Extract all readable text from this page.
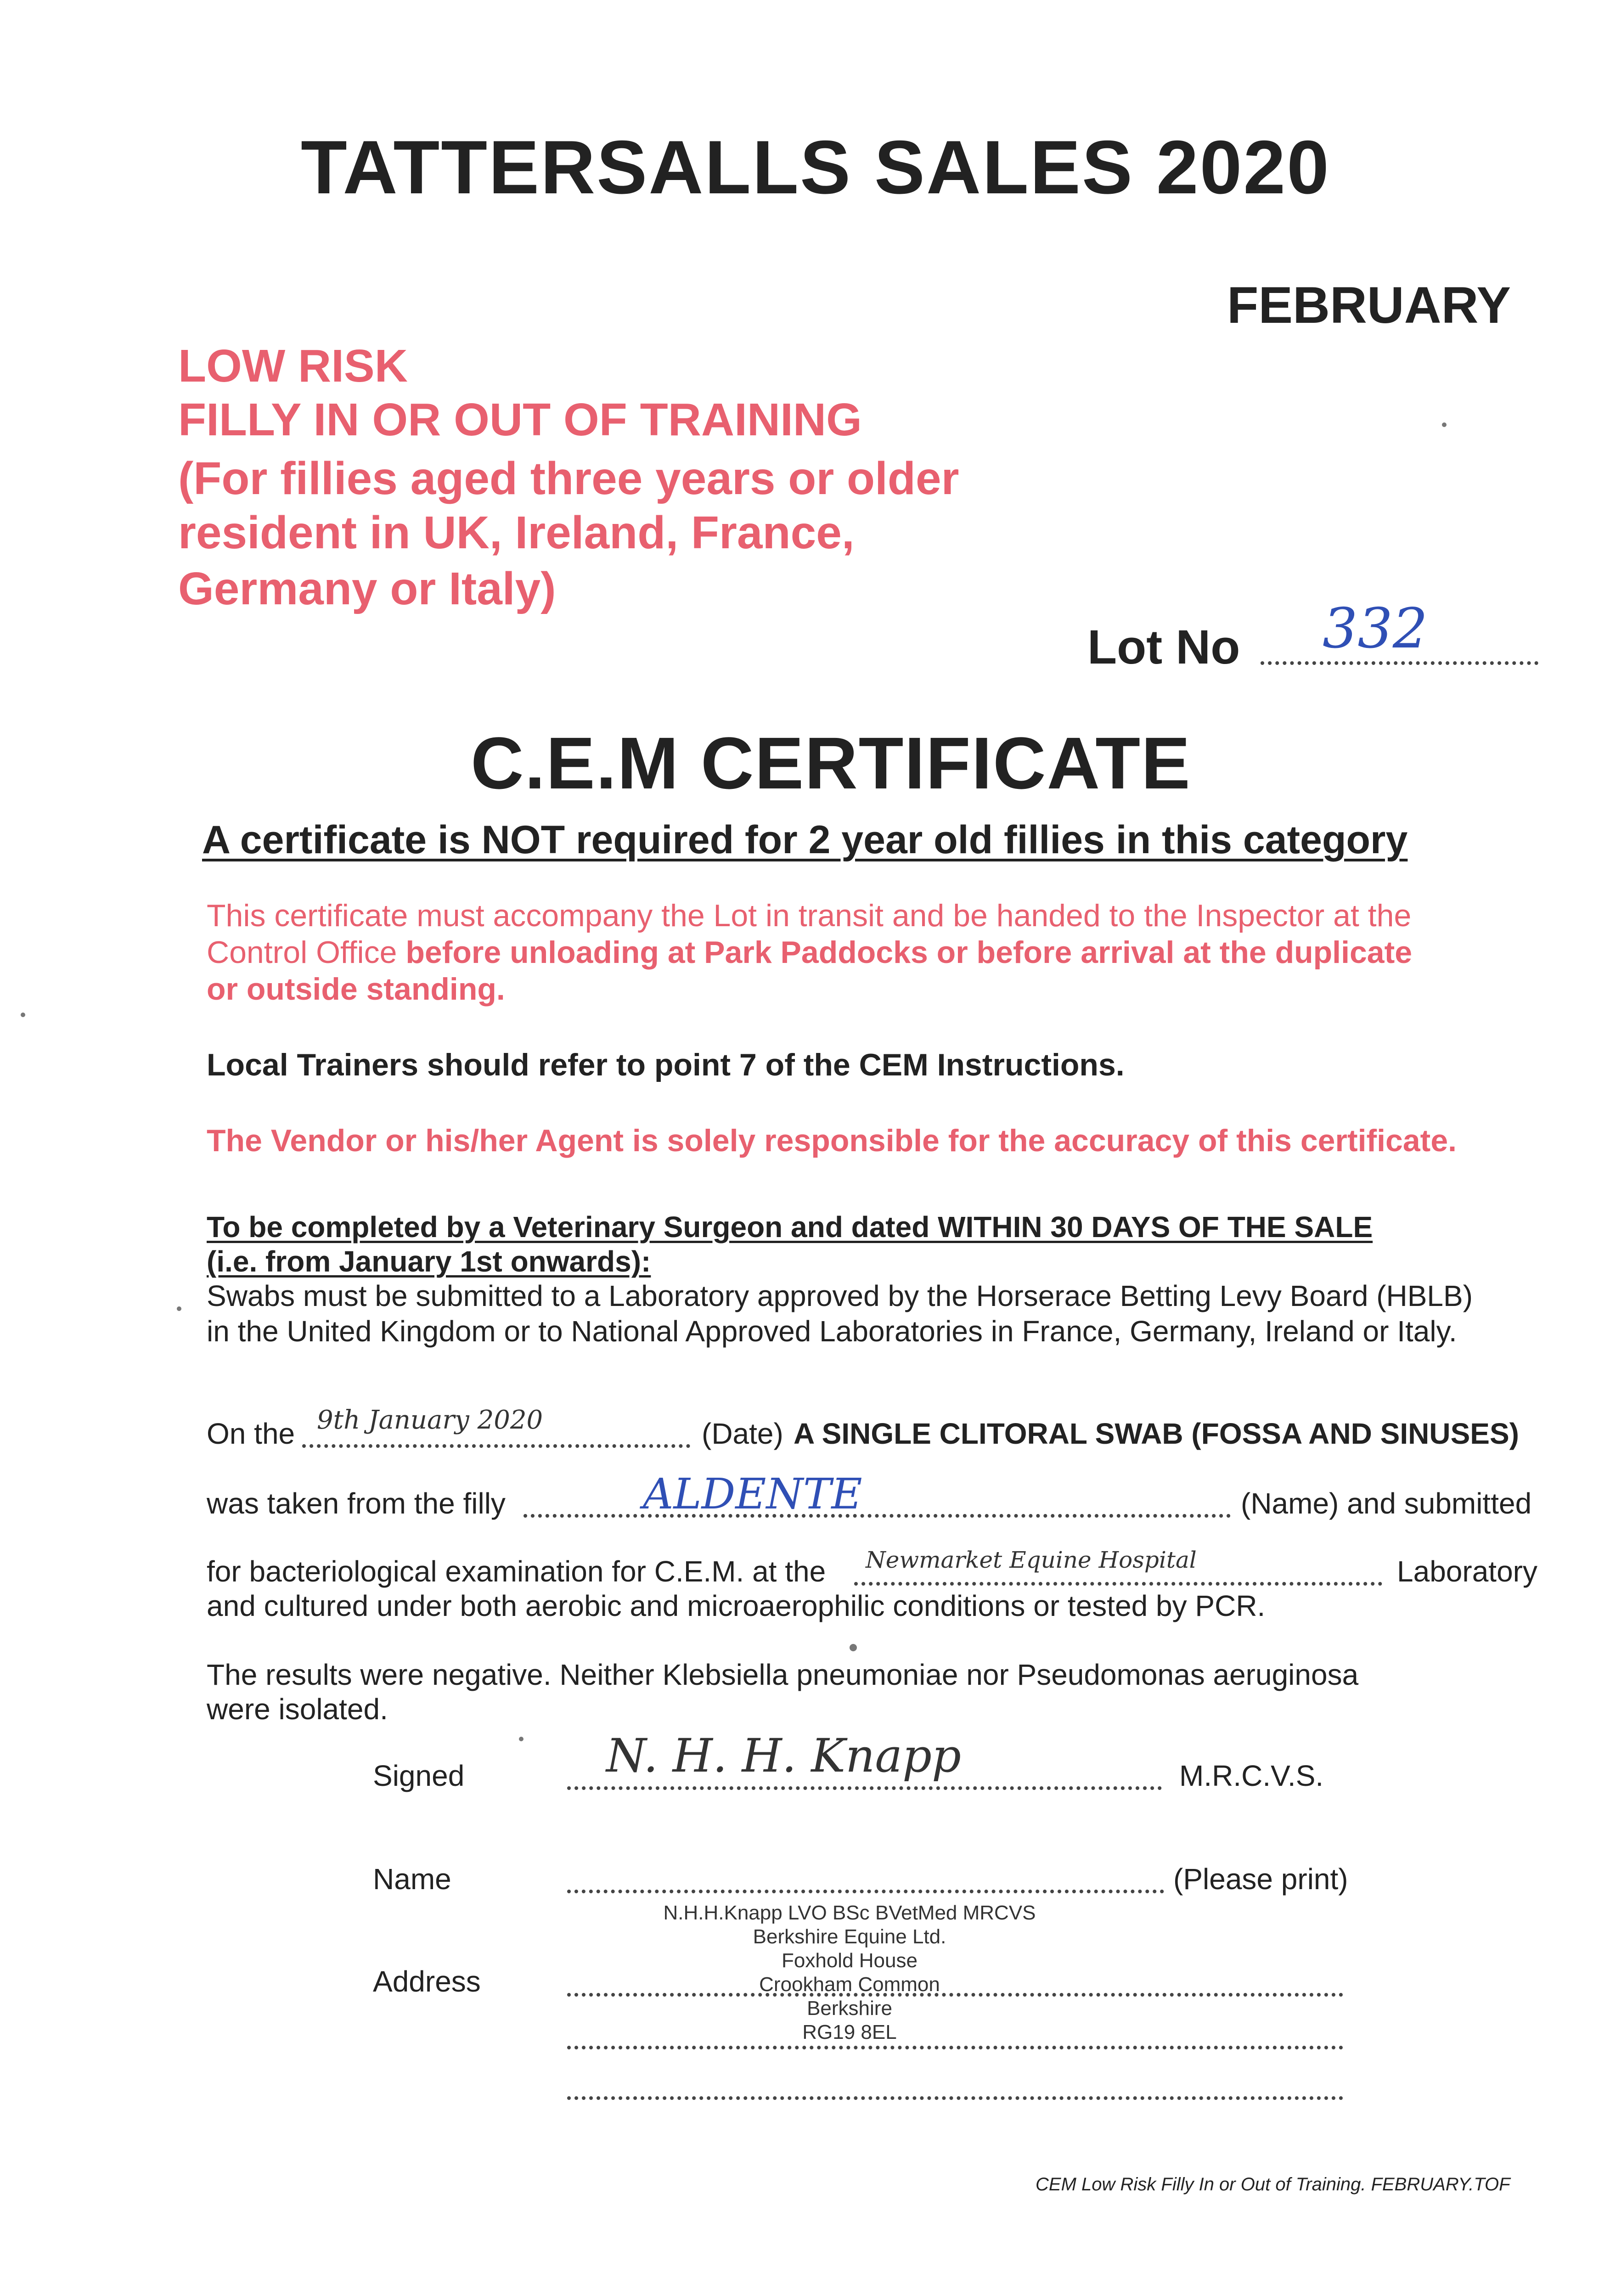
TATTERSALLS SALES 2020
FEBRUARY
LOW RISK
FILLY IN OR OUT OF TRAINING
(For fillies aged three years or older
resident in UK, Ireland, France,
Germany or Italy)
Lot No 332
C.E.M CERTIFICATE
A certificate is NOT required for 2 year old fillies in this category
This certificate must accompany the Lot in transit and be handed to the Inspector at the
Control Office before unloading at Park Paddocks or before arrival at the duplicate
or outside standing.
Local Trainers should refer to point 7 of the CEM Instructions.
The Vendor or his/her Agent is solely responsible for the accuracy of this certificate.
To be completed by a Veterinary Surgeon and dated WITHIN 30 DAYS OF THE SALE
(i.e. from January 1st onwards):
Swabs must be submitted to a Laboratory approved by the Horserace Betting Levy Board (HBLB)
in the United Kingdom or to National Approved Laboratories in France, Germany, Ireland or Italy.
On the 9th January 2020	(Date) A SINGLE CLITORAL SWAB (FOSSA AND SINUSES)
was taken from the filly	ALDENTE	(Name) and submitted
for bacteriological examination for C.E.M. at the Newmarket Equine Hospital	Laboratory
and cultured under both aerobic and microaerophilic conditions or tested by PCR.
The results were negative. Neither Klebsiella pneumoniae nor Pseudomonas aeruginosa
were isolated.
Signed	N. H. H. Knapp	M.R.C.V.S.
Name	(Please print)
Address
N.H.H.Knapp LVO BSc BVetMed MRCVS
Berkshire Equine Ltd.
Foxhold House
Crookham Common
Berkshire
RG19 8EL
CEM Low Risk Filly In or Out of Training. FEBRUARY.TOF
